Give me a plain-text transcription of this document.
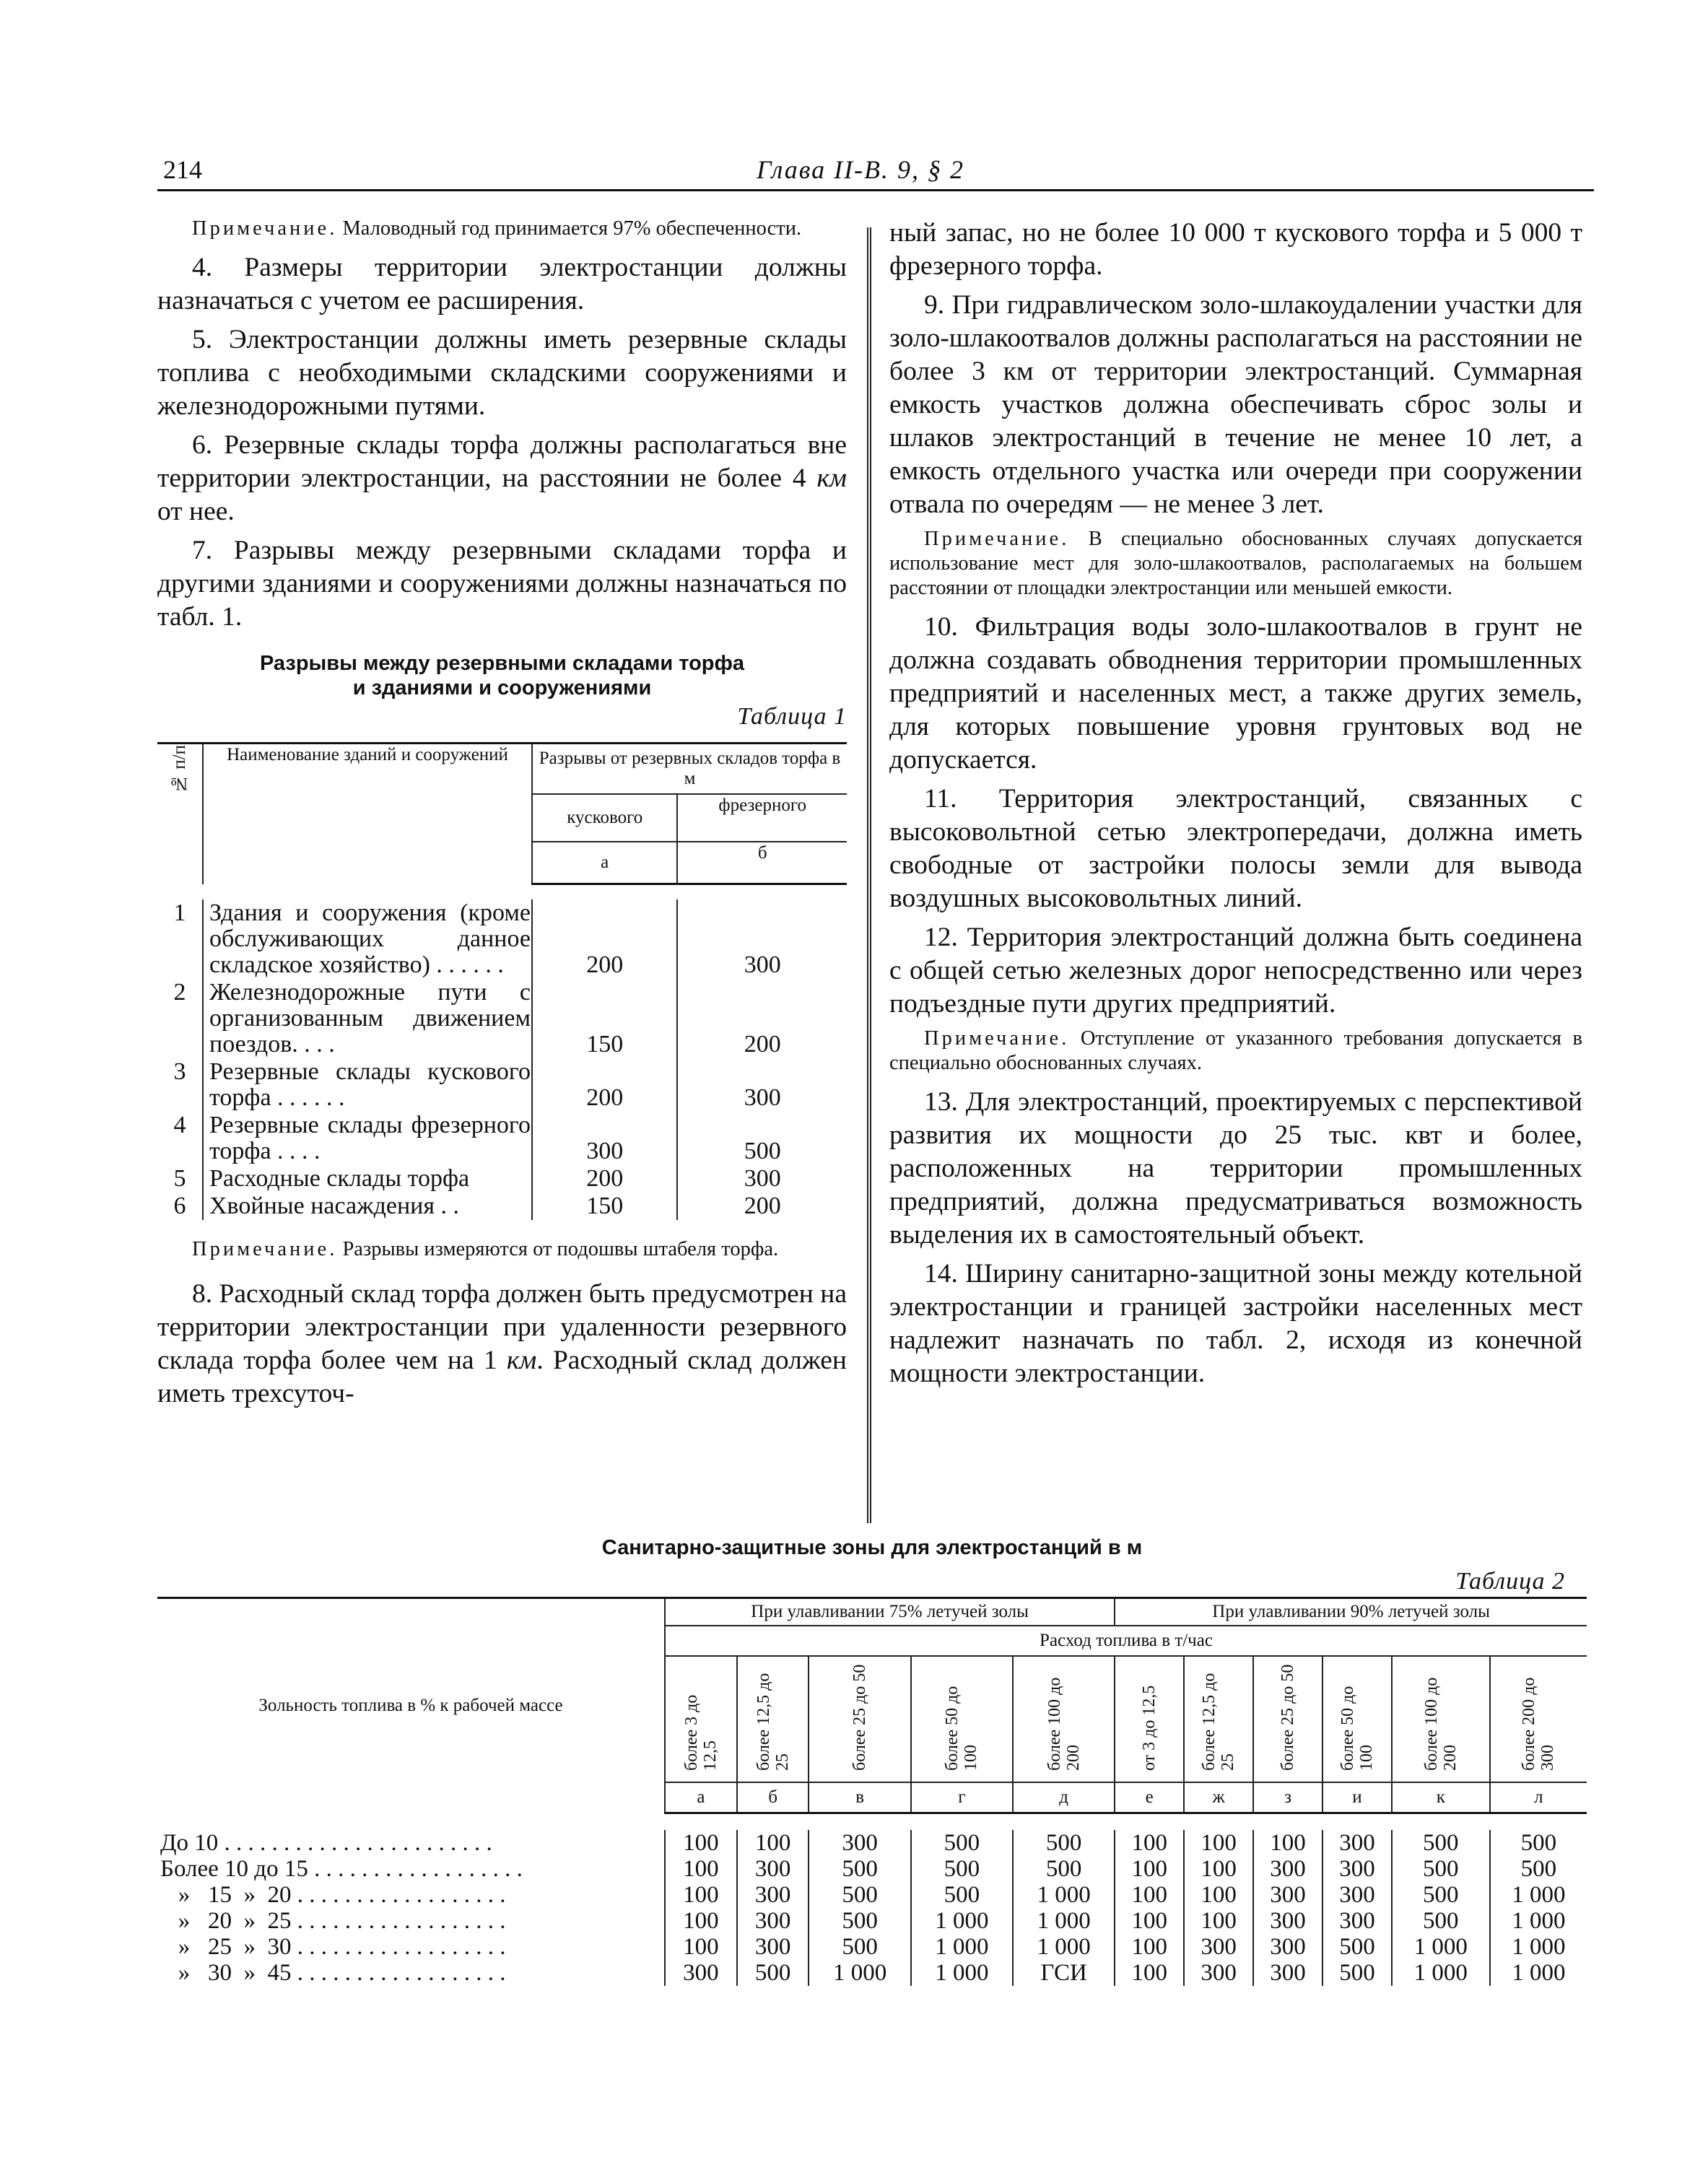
214	Глава II-В. 9, § 2

Примечание. Маловодный год принимается 97% обеспеченности.

4. Размеры территории электростанции должны назначаться с учетом ее расширения.

5. Электростанции должны иметь резервные склады топлива с необходимыми складскими сооружениями и железнодорожными путями.

6. Резервные склады торфа должны располагаться вне территории электростанции, на расстоянии не более 4 км от нее.

7. Разрывы между резервными складами торфа и другими зданиями и сооружениями должны назначаться по табл. 1.

Разрывы между резервными складами торфа
и зданиями и сооружениями
Таблица 1
№ п/п	Наименование зданий и сооружений	Разрывы от резервных складов торфа в м	
		кускового	фрезерного
		а	б

1	Здания и сооружения (кроме обслуживающих данное складское хозяйство) . . . . . .	200	300
2	Железнодорожные пути с организованным движением поездов. . . .	150	200
3	Резервные склады кускового торфа . . . . . .	200	300
4	Резервные склады фрезерного торфа . . . .	300	500
5	Расходные склады торфа	200	300
6	Хвойные насаждения . .	150	200

Примечание. Разрывы измеряются от подошвы штабеля торфа.

8. Расходный склад торфа должен быть предусмотрен на территории электростанции при удаленности резервного склада торфа более чем на 1 км. Расходный склад должен иметь трехсуточ-

ный запас, но не более 10 000 т кускового торфа и 5 000 т фрезерного торфа.

9. При гидравлическом золо-шлакоудалении участки для золо-шлакоотвалов должны располагаться на расстоянии не более 3 км от территории электростанций. Суммарная емкость участков должна обеспечивать сброс золы и шлаков электростанций в течение не менее 10 лет, а емкость отдельного участка или очереди при сооружении отвала по очередям — не менее 3 лет.

Примечание. В специально обоснованных случаях допускается использование мест для золо-шлакоотвалов, располагаемых на большем расстоянии от площадки электростанции или меньшей емкости.

10. Фильтрация воды золо-шлакоотвалов в грунт не должна создавать обводнения территории промышленных предприятий и населенных мест, а также других земель, для которых повышение уровня грунтовых вод не допускается.

11. Территория электростанций, связанных с высоковольтной сетью электропередачи, должна иметь свободные от застройки полосы земли для вывода воздушных высоковольтных линий.

12. Территория электростанций должна быть соединена с общей сетью железных дорог непосредственно или через подъездные пути других предприятий.

Примечание. Отступление от указанного требования допускается в специально обоснованных случаях.

13. Для электростанций, проектируемых с перспективой развития их мощности до 25 тыс. квт и более, расположенных на территории промышленных предприятий, должна предусматриваться возможность выделения их в самостоятельный объект.

14. Ширину санитарно-защитной зоны между котельной электростанции и границей застройки населенных мест надлежит назначать по табл. 2, исходя из конечной мощности электростанции.

Санитарно-защитные зоны для электростанций в м
Таблица 2
Зольность топлива в % к рабочей массе	При улавливании 75% летучей золы					При улавливании 90% летучей золы					
	Расход топлива в т/час										
	более 3 до 12,5	более 12,5 до 25	более 25 до 50	более 50 до 100	более 100 до 200	от 3 до 12,5	более 12,5 до 25	более 25 до 50	более 50 до 100	более 100 до 200	более 200 до 300
	а	б	в	г	д	е	ж	з	и	к	л

До 10 . . . . . . . . . . . . . . . . . . . . . . .	100	100	300	500	500	100	100	100	300	500	500
Более 10 до 15 . . . . . . . . . . . . . . . . . .	100	300	500	500	500	100	100	300	300	500	500
»   15  »  20 . . . . . . . . . . . . . . . . . .	100	300	500	500	1 000	100	100	300	300	500	1 000
»   20  »  25 . . . . . . . . . . . . . . . . . .	100	300	500	1 000	1 000	100	100	300	300	500	1 000
»   25  »  30 . . . . . . . . . . . . . . . . . .	100	300	500	1 000	1 000	100	300	300	500	1 000	1 000
»   30  »  45 . . . . . . . . . . . . . . . . . .	300	500	1 000	1 000	ГСИ	100	300	300	500	1 000	1 000
